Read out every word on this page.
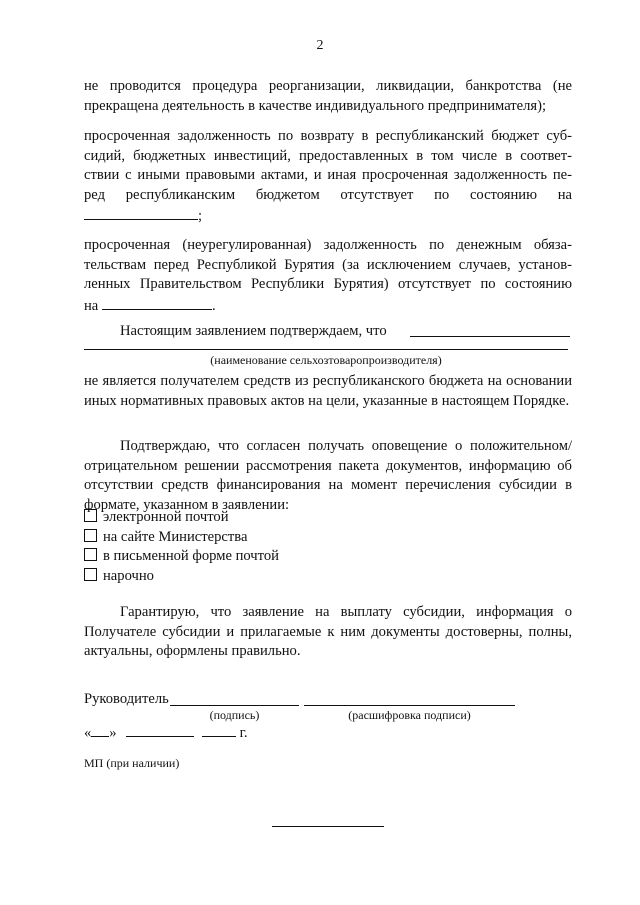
2
не проводится процедура реорганизации, ликвидации, банкротства (не прекращена деятельность в качестве индивидуального предпринимателя);
просроченная задолженность по возврату в республиканский бюджет суб-
сидий, бюджетных инвестиций, предоставленных в том числе в соответ-
ствии с иными правовыми актами, и иная просроченная задолженность пе-
ред республиканским бюджетом отсутствует по состоянию на
;
просроченная (неурегулированная) задолженность по денежным обяза-
тельствам перед Республикой Бурятия (за исключением случаев, установ-
ленных Правительством Республики Бурятия) отсутствует по состоянию
на	.
Настоящим заявлением подтверждаем, что
(наименование сельхозтоваропроизводителя)
не является получателем средств из республиканского бюджета на основании иных нормативных правовых актов на цели, указанные в настоящем Порядке.
Подтверждаю, что согласен получать оповещение о положительном/отрицательном решении рассмотрения пакета документов, информацию об отсутствии средств финансирования на момент перечисления субсидии в формате, указанном в заявлении:
электронной почтой
на сайте Министерства
в письменной форме почтой
нарочно
Гарантирую, что заявление на выплату субсидии, информация о Получателе субсидии и прилагаемые к ним документы достоверны, полны, актуальны, оформлены правильно.
Руководитель
(подпись)	(расшифровка подписи)
« »	г.
МП (при наличии)
